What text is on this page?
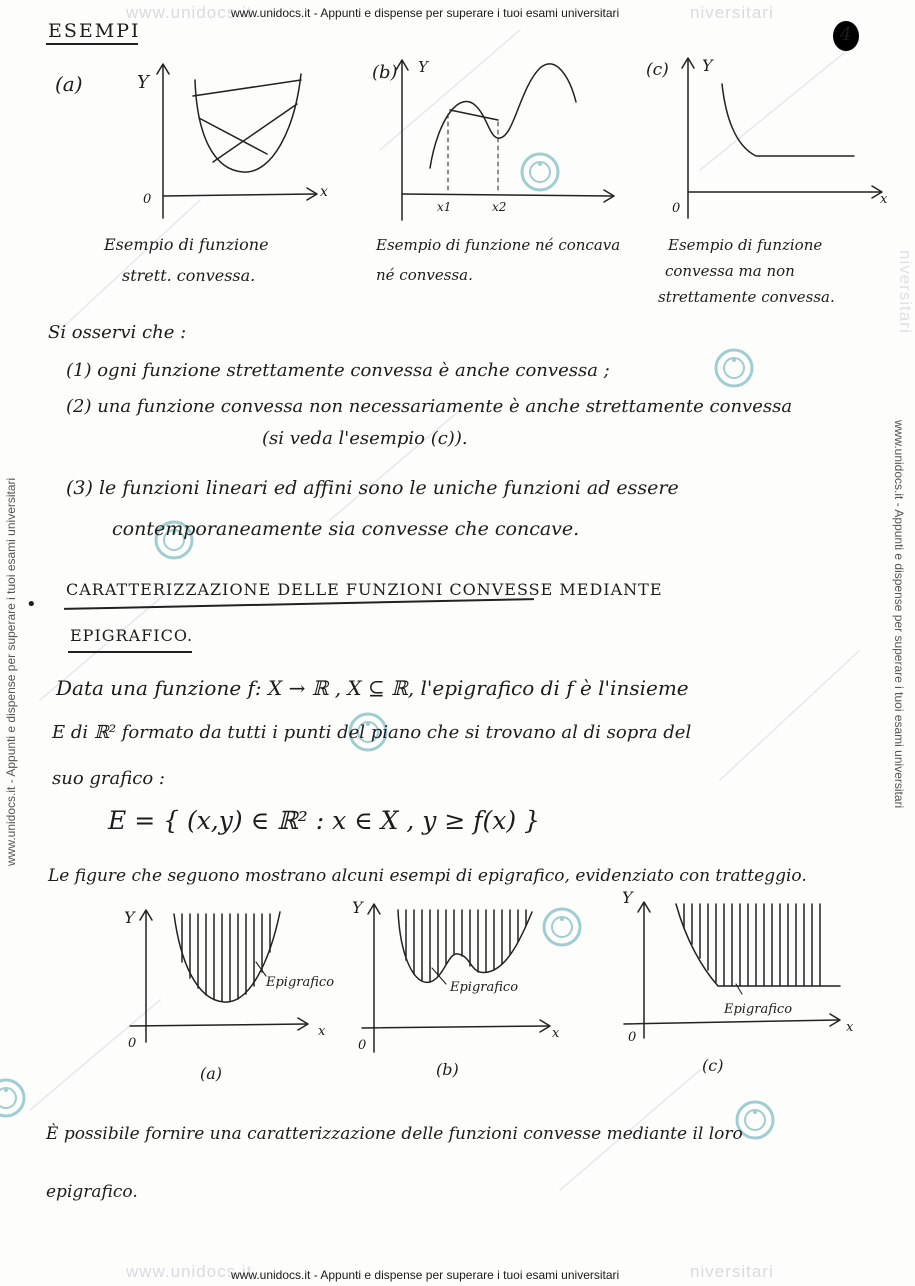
www.unidocs.it	niversitari
www.unidocs.it - Appunti e dispense per superare i tuoi esami universitari
www.unidocs.it	niversitari
www.unidocs.it - Appunti e dispense per superare i tuoi esami universitari
www.unidocs.it - Appunti e dispense per superare i tuoi esami universitari	www.unidocs.it - Appunti e dispense per superare i tuoi esami universitari
niversitari
ESEMPI	4
(a)	Y
0	x
Esempio di funzione
strett. convessa.
(b) Y
x1	x2
Esempio di funzione né concava
né convessa.
(c) Y
0
x
Esempio di funzione
convessa ma non
strettamente convessa.
Si osservi che :
(1) ogni funzione strettamente convessa è anche convessa ;
(2) una funzione convessa non necessariamente è anche strettamente convessa
(si veda l'esempio (c)).
(3) le funzioni lineari ed affini sono le uniche funzioni ad essere
contemporaneamente sia convesse che concave.
•
CARATTERIZZAZIONE DELLE FUNZIONI CONVESSE MEDIANTE
EPIGRAFICO.
Data una funzione f: X → ℝ , X ⊆ ℝ, l'epigrafico di f è l'insieme
E di ℝ² formato da tutti i punti del piano che si trovano al di sopra del
suo grafico :
E = { (x,y) ∈ ℝ² : x ∈ X , y ≥ f(x) }
Le figure che seguono mostrano alcuni esempi di epigrafico, evidenziato con tratteggio.
Y
0
x
Epigrafico
(a)
Y
0
x
Epigrafico
(b)
Y
0
x
Epigrafico
(c)
È possibile fornire una caratterizzazione delle funzioni convesse mediante il loro
epigrafico.
